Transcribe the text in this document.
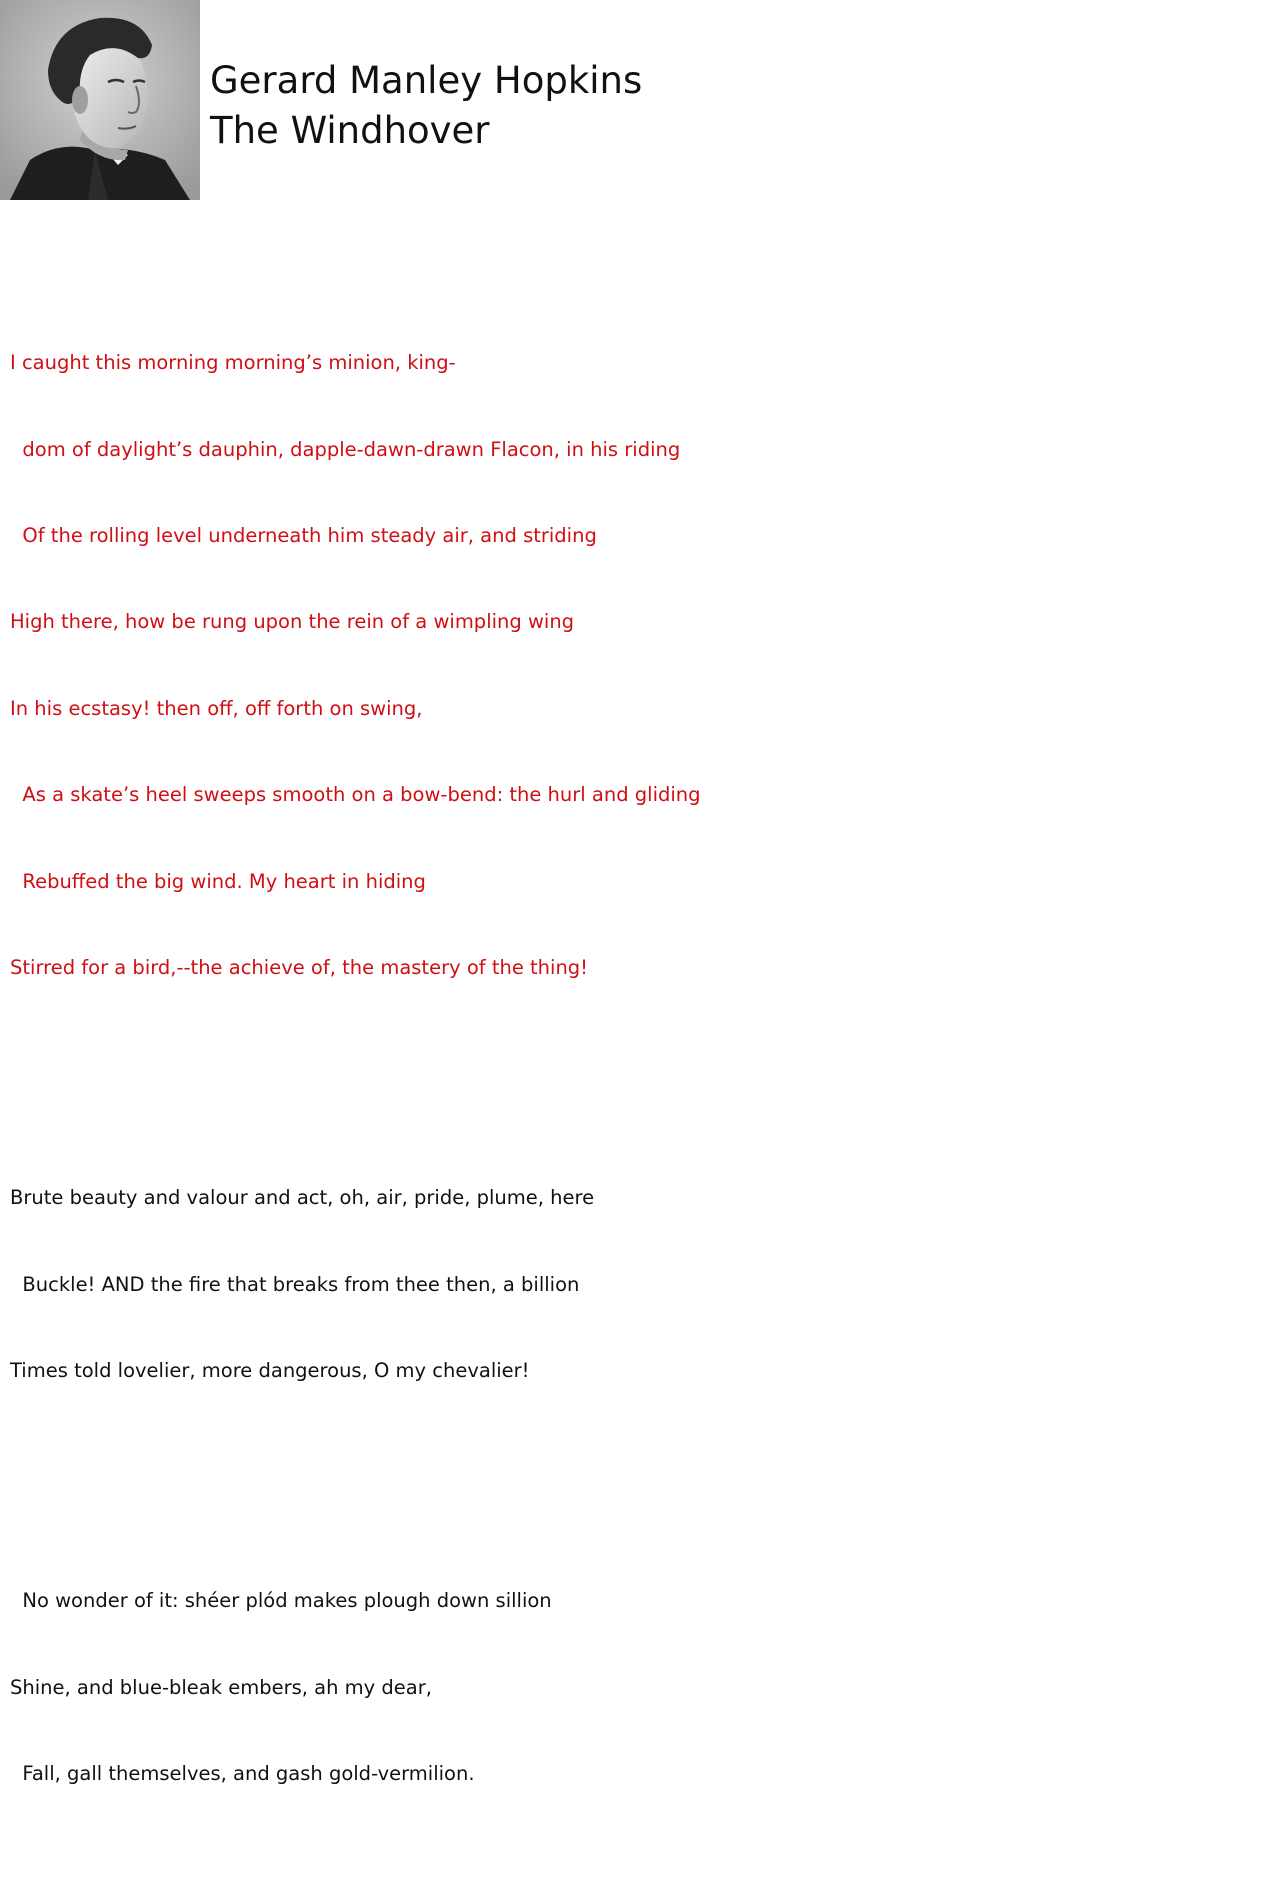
Gerard Manley Hopkins
The Windhover

I caught this morning morning’s minion, king-

dom of daylight’s dauphin, dapple-dawn-drawn Flacon, in his riding

Of the rolling level underneath him steady air, and striding

High there, how be rung upon the rein of a wimpling wing

In his ecstasy! then off, off forth on swing,

As a skate’s heel sweeps smooth on a bow-bend: the hurl and gliding

Rebuffed the big wind. My heart in hiding

Stirred for a bird,--the achieve of, the mastery of the thing!

Brute beauty and valour and act, oh, air, pride, plume, here

Buckle! AND the fire that breaks from thee then, a billion

Times told lovelier, more dangerous, O my chevalier!

No wonder of it: shéer plód makes plough down sillion

Shine, and blue-bleak embers, ah my dear,

Fall, gall themselves, and gash gold-vermilion.
